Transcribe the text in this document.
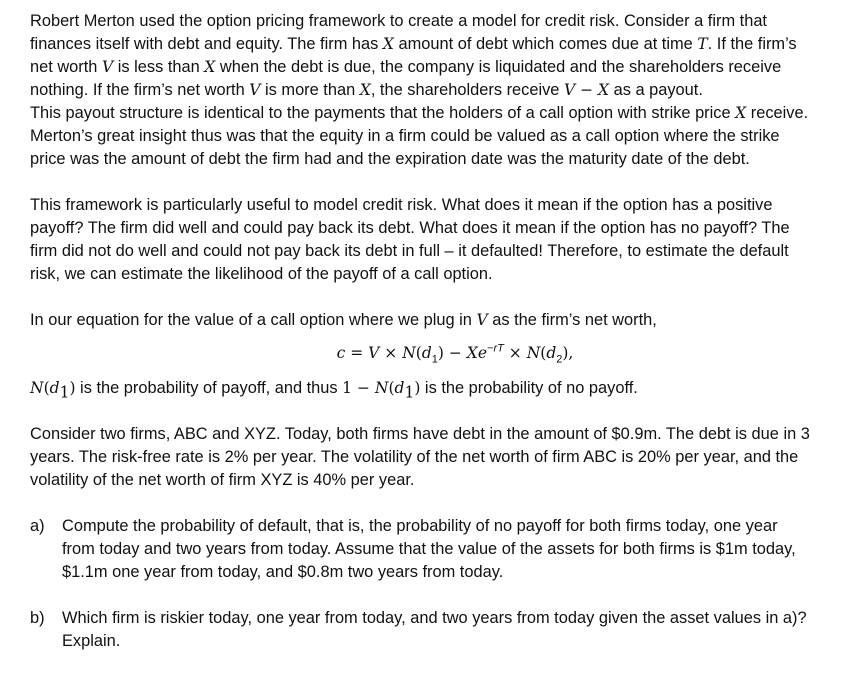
Robert Merton used the option pricing framework to create a model for credit risk. Consider a firm that
finances itself with debt and equity. The firm has X amount of debt which comes due at time T. If the firm’s
net worth V is less than X when the debt is due, the company is liquidated and the shareholders receive
nothing. If the firm’s net worth V is more than X, the shareholders receive V − X as a payout.
This payout structure is identical to the payments that the holders of a call option with strike price X receive.
Merton’s great insight thus was that the equity in a firm could be valued as a call option where the strike
price was the amount of debt the firm had and the expiration date was the maturity date of the debt.

This framework is particularly useful to model credit risk. What does it mean if the option has a positive
payoff? The firm did well and could pay back its debt. What does it mean if the option has no payoff? The
firm did not do well and could not pay back its debt in full – it defaulted! Therefore, to estimate the default
risk, we can estimate the likelihood of the payoff of a call option.

In our equation for the value of a call option where we plug in V as the firm’s net worth,

$c = V \times N(d_1) - Xe^{-rT} \times N(d_2)$,

$N(d_1)$ is the probability of payoff, and thus $1 - N(d_1)$ is the probability of no payoff.

Consider two firms, ABC and XYZ. Today, both firms have debt in the amount of $0.9m. The debt is due in 3
years. The risk-free rate is 2% per year. The volatility of the net worth of firm ABC is 20% per year, and the
volatility of the net worth of firm XYZ is 40% per year.

a)	Compute the probability of default, that is, the probability of no payoff for both firms today, one year
from today and two years from today. Assume that the value of the assets for both firms is $1m today,
$1.1m one year from today, and $0.8m two years from today.
b)	Which firm is riskier today, one year from today, and two years from today given the asset values in a)?
Explain.
